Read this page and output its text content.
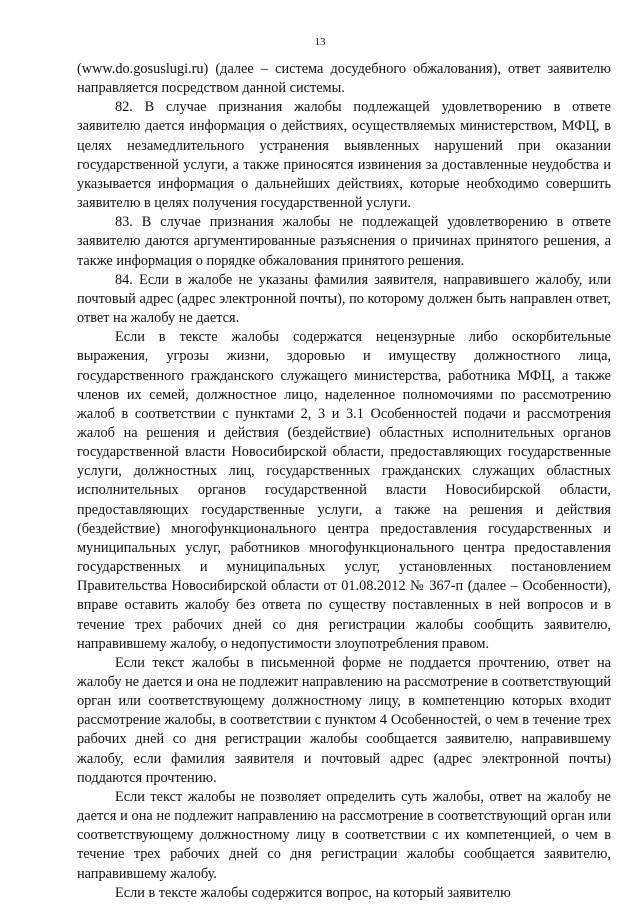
13

(www.do.gosuslugi.ru) (далее – система досудебного обжалования), ответ заявителю направляется посредством данной системы.

82. В случае признания жалобы подлежащей удовлетворению в ответе заявителю дается информация о действиях, осуществляемых министерством, МФЦ, в целях незамедлительного устранения выявленных нарушений при оказании государственной услуги, а также приносятся извинения за доставленные неудобства и указывается информация о дальнейших действиях, которые необходимо совершить заявителю в целях получения государственной услуги.

83. В случае признания жалобы не подлежащей удовлетворению в ответе заявителю даются аргументированные разъяснения о причинах принятого решения, а также информация о порядке обжалования принятого решения.

84. Если в жалобе не указаны фамилия заявителя, направившего жалобу, или почтовый адрес (адрес электронной почты), по которому должен быть направлен ответ, ответ на жалобу не дается.

Если в тексте жалобы содержатся нецензурные либо оскорбительные выражения, угрозы жизни, здоровью и имуществу должностного лица, государственного гражданского служащего министерства, работника МФЦ, а также членов их семей, должностное лицо, наделенное полномочиями по рассмотрению жалоб в соответствии с пунктами 2, 3 и 3.1 Особенностей подачи и рассмотрения жалоб на решения и действия (бездействие) областных исполнительных органов государственной власти Новосибирской области, предоставляющих государственные услуги, должностных лиц, государственных гражданских служащих областных исполнительных органов государственной власти Новосибирской области, предоставляющих государственные услуги, а также на решения и действия (бездействие) многофункционального центра предоставления государственных и муниципальных услуг, работников многофункционального центра предоставления государственных и муниципальных услуг, установленных постановлением Правительства Новосибирской области от 01.08.2012 № 367-п (далее – Особенности), вправе оставить жалобу без ответа по существу поставленных в ней вопросов и в течение трех рабочих дней со дня регистрации жалобы сообщить заявителю, направившему жалобу, о недопустимости злоупотребления правом.

Если текст жалобы в письменной форме не поддается прочтению, ответ на жалобу не дается и она не подлежит направлению на рассмотрение в соответствующий орган или соответствующему должностному лицу, в компетенцию которых входит рассмотрение жалобы, в соответствии с пунктом 4 Особенностей, о чем в течение трех рабочих дней со дня регистрации жалобы сообщается заявителю, направившему жалобу, если фамилия заявителя и почтовый адрес (адрес электронной почты) поддаются прочтению.

Если текст жалобы не позволяет определить суть жалобы, ответ на жалобу не дается и она не подлежит направлению на рассмотрение в соответствующий орган или соответствующему должностному лицу в соответствии с их компетенцией, о чем в течение трех рабочих дней со дня регистрации жалобы сообщается заявителю, направившему жалобу.

Если в тексте жалобы содержится вопрос, на который заявителю
